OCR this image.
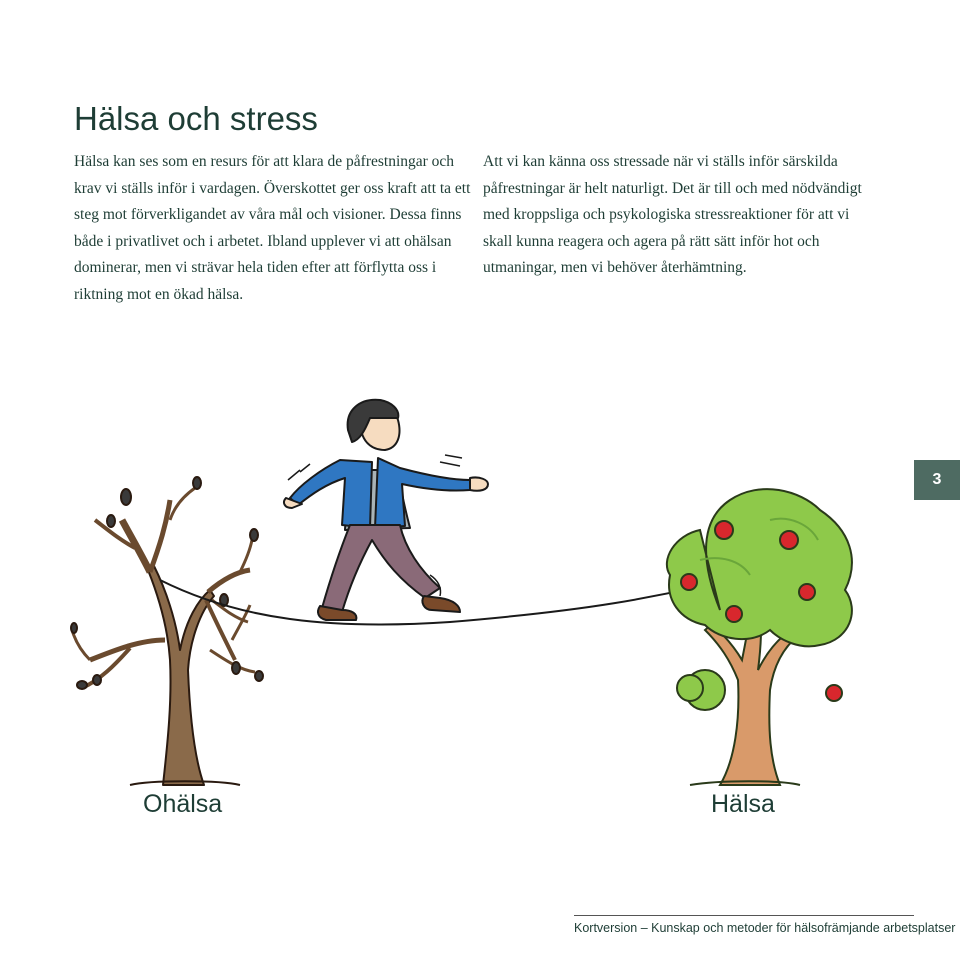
Hälsa och stress

Hälsa kan ses som en resurs för att klara de påfrestningar och krav vi ställs inför i vardagen. Överskottet ger oss kraft att ta ett steg mot förverkligandet av våra mål och visioner. Dessa finns både i privatlivet och i arbetet. Ibland upplever vi att ohälsan dominerar, men vi strävar hela tiden efter att förflytta oss i riktning mot en ökad hälsa.

Att vi kan känna oss stressade när vi ställs inför särskilda påfrestningar är helt naturligt. Det är till och med nödvändigt med kroppsliga och psykologiska stressreaktioner för att vi skall kunna reagera och agera på rätt sätt inför hot och utmaningar, men vi behöver återhämtning.

Ohälsa	Hälsa
3
Kortversion – Kunskap och metoder för hälsofrämjande arbetsplatser
